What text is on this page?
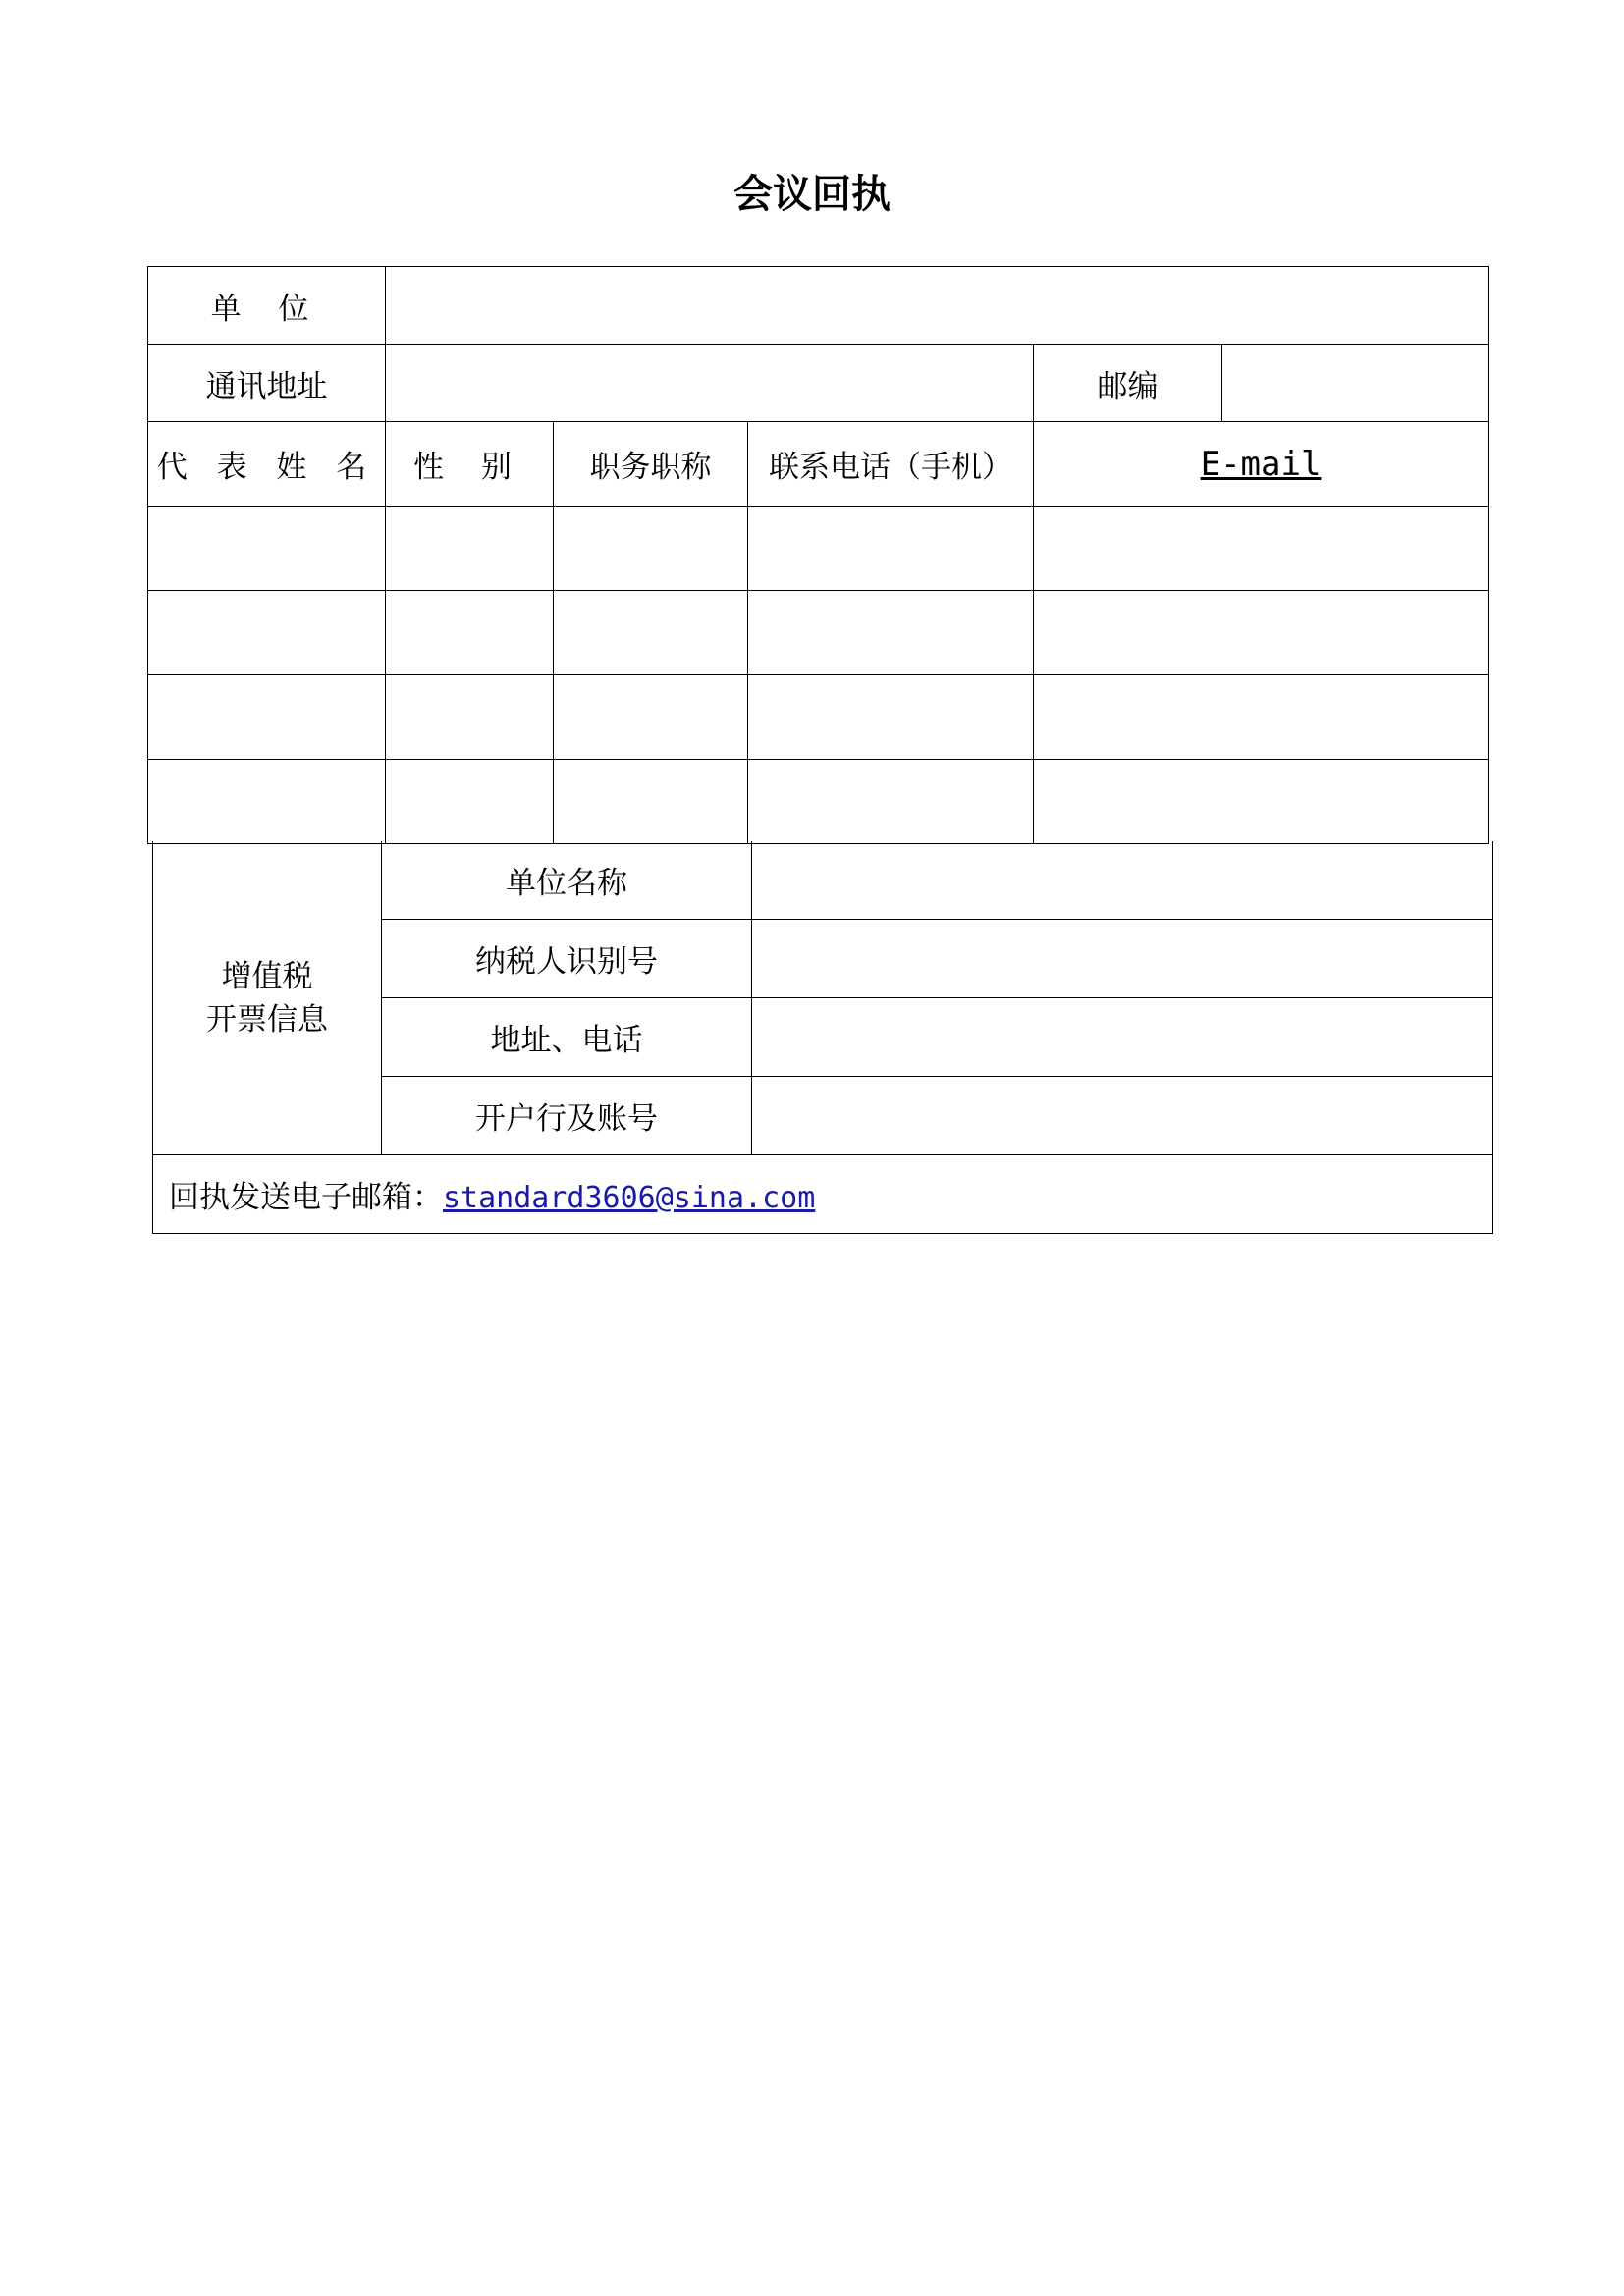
会议回执
单 位					
通讯地址				邮编	
代 表 姓 名	性 别	职务职称	联系电话（手机）	E-mail	

增值税
开票信息	单位名称	
	纳税人识别号	
	地址、电话	
	开户行及账号	
回执发送电子邮箱：standard3606@sina.com		
